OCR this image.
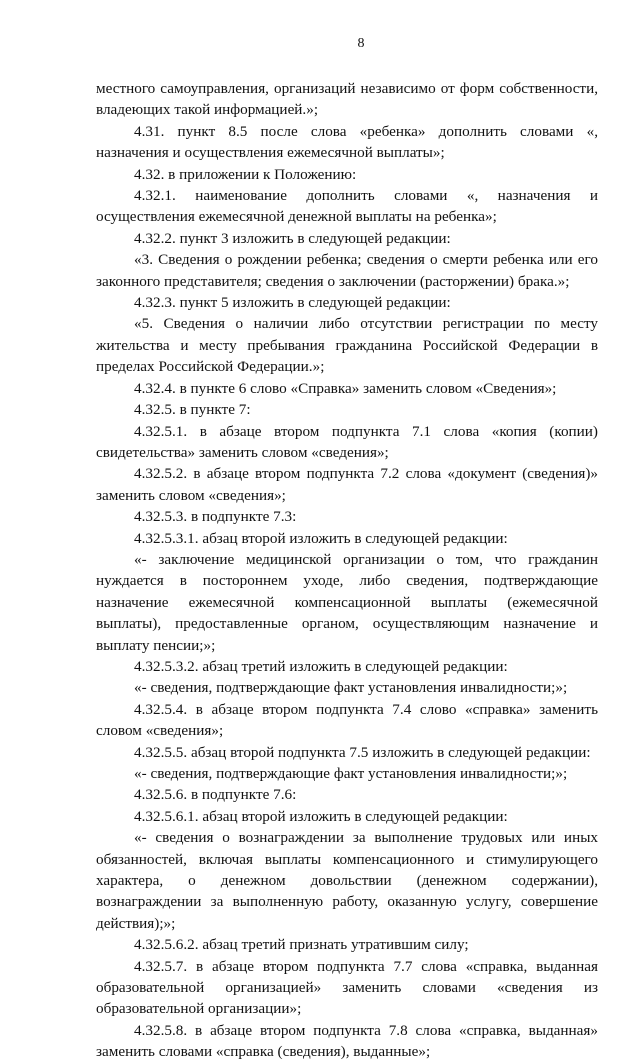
8

местного самоуправления, организаций независимо от форм собственности, владеющих такой информацией.»;

4.31. пункт 8.5 после слова «ребенка» дополнить словами «, назначения и осуществления ежемесячной выплаты»;

4.32. в приложении к Положению:

4.32.1. наименование дополнить словами «, назначения и осуществления ежемесячной денежной выплаты на ребенка»;

4.32.2. пункт 3 изложить в следующей редакции:

«3. Сведения о рождении ребенка; сведения о смерти ребенка или его законного представителя; сведения о заключении (расторжении) брака.»;

4.32.3. пункт 5 изложить в следующей редакции:

«5. Сведения о наличии либо отсутствии регистрации по месту жительства и месту пребывания гражданина Российской Федерации в пределах Российской Федерации.»;

4.32.4. в пункте 6 слово «Справка» заменить словом «Сведения»;

4.32.5. в пункте 7:

4.32.5.1. в абзаце втором подпункта 7.1 слова «копия (копии) свидетельства» заменить словом «сведения»;

4.32.5.2. в абзаце втором подпункта 7.2 слова «документ (сведения)» заменить словом «сведения»;

4.32.5.3. в подпункте 7.3:

4.32.5.3.1. абзац второй изложить в следующей редакции:

«- заключение медицинской организации о том, что гражданин нуждается в постороннем уходе, либо сведения, подтверждающие назначение ежемесячной компенсационной выплаты (ежемесячной выплаты), предоставленные органом, осуществляющим назначение и выплату пенсии;»;

4.32.5.3.2. абзац третий изложить в следующей редакции:

«- сведения, подтверждающие факт установления инвалидности;»;

4.32.5.4. в абзаце втором подпункта 7.4 слово «справка» заменить словом «сведения»;

4.32.5.5. абзац второй подпункта 7.5 изложить в следующей редакции:

«- сведения, подтверждающие факт установления инвалидности;»;

4.32.5.6. в подпункте 7.6:

4.32.5.6.1. абзац второй изложить в следующей редакции:

«- сведения о вознаграждении за выполнение трудовых или иных обязанностей, включая выплаты компенсационного и стимулирующего характера, о денежном довольствии (денежном содержании), вознаграждении за выполненную работу, оказанную услугу, совершение действия);»;

4.32.5.6.2. абзац третий признать утратившим силу;

4.32.5.7. в абзаце втором подпункта 7.7 слова «справка, выданная образовательной организацией» заменить словами «сведения из образовательной организации»;

4.32.5.8. в абзаце втором подпункта 7.8 слова «справка, выданная» заменить словами «справка (сведения), выданные»;
